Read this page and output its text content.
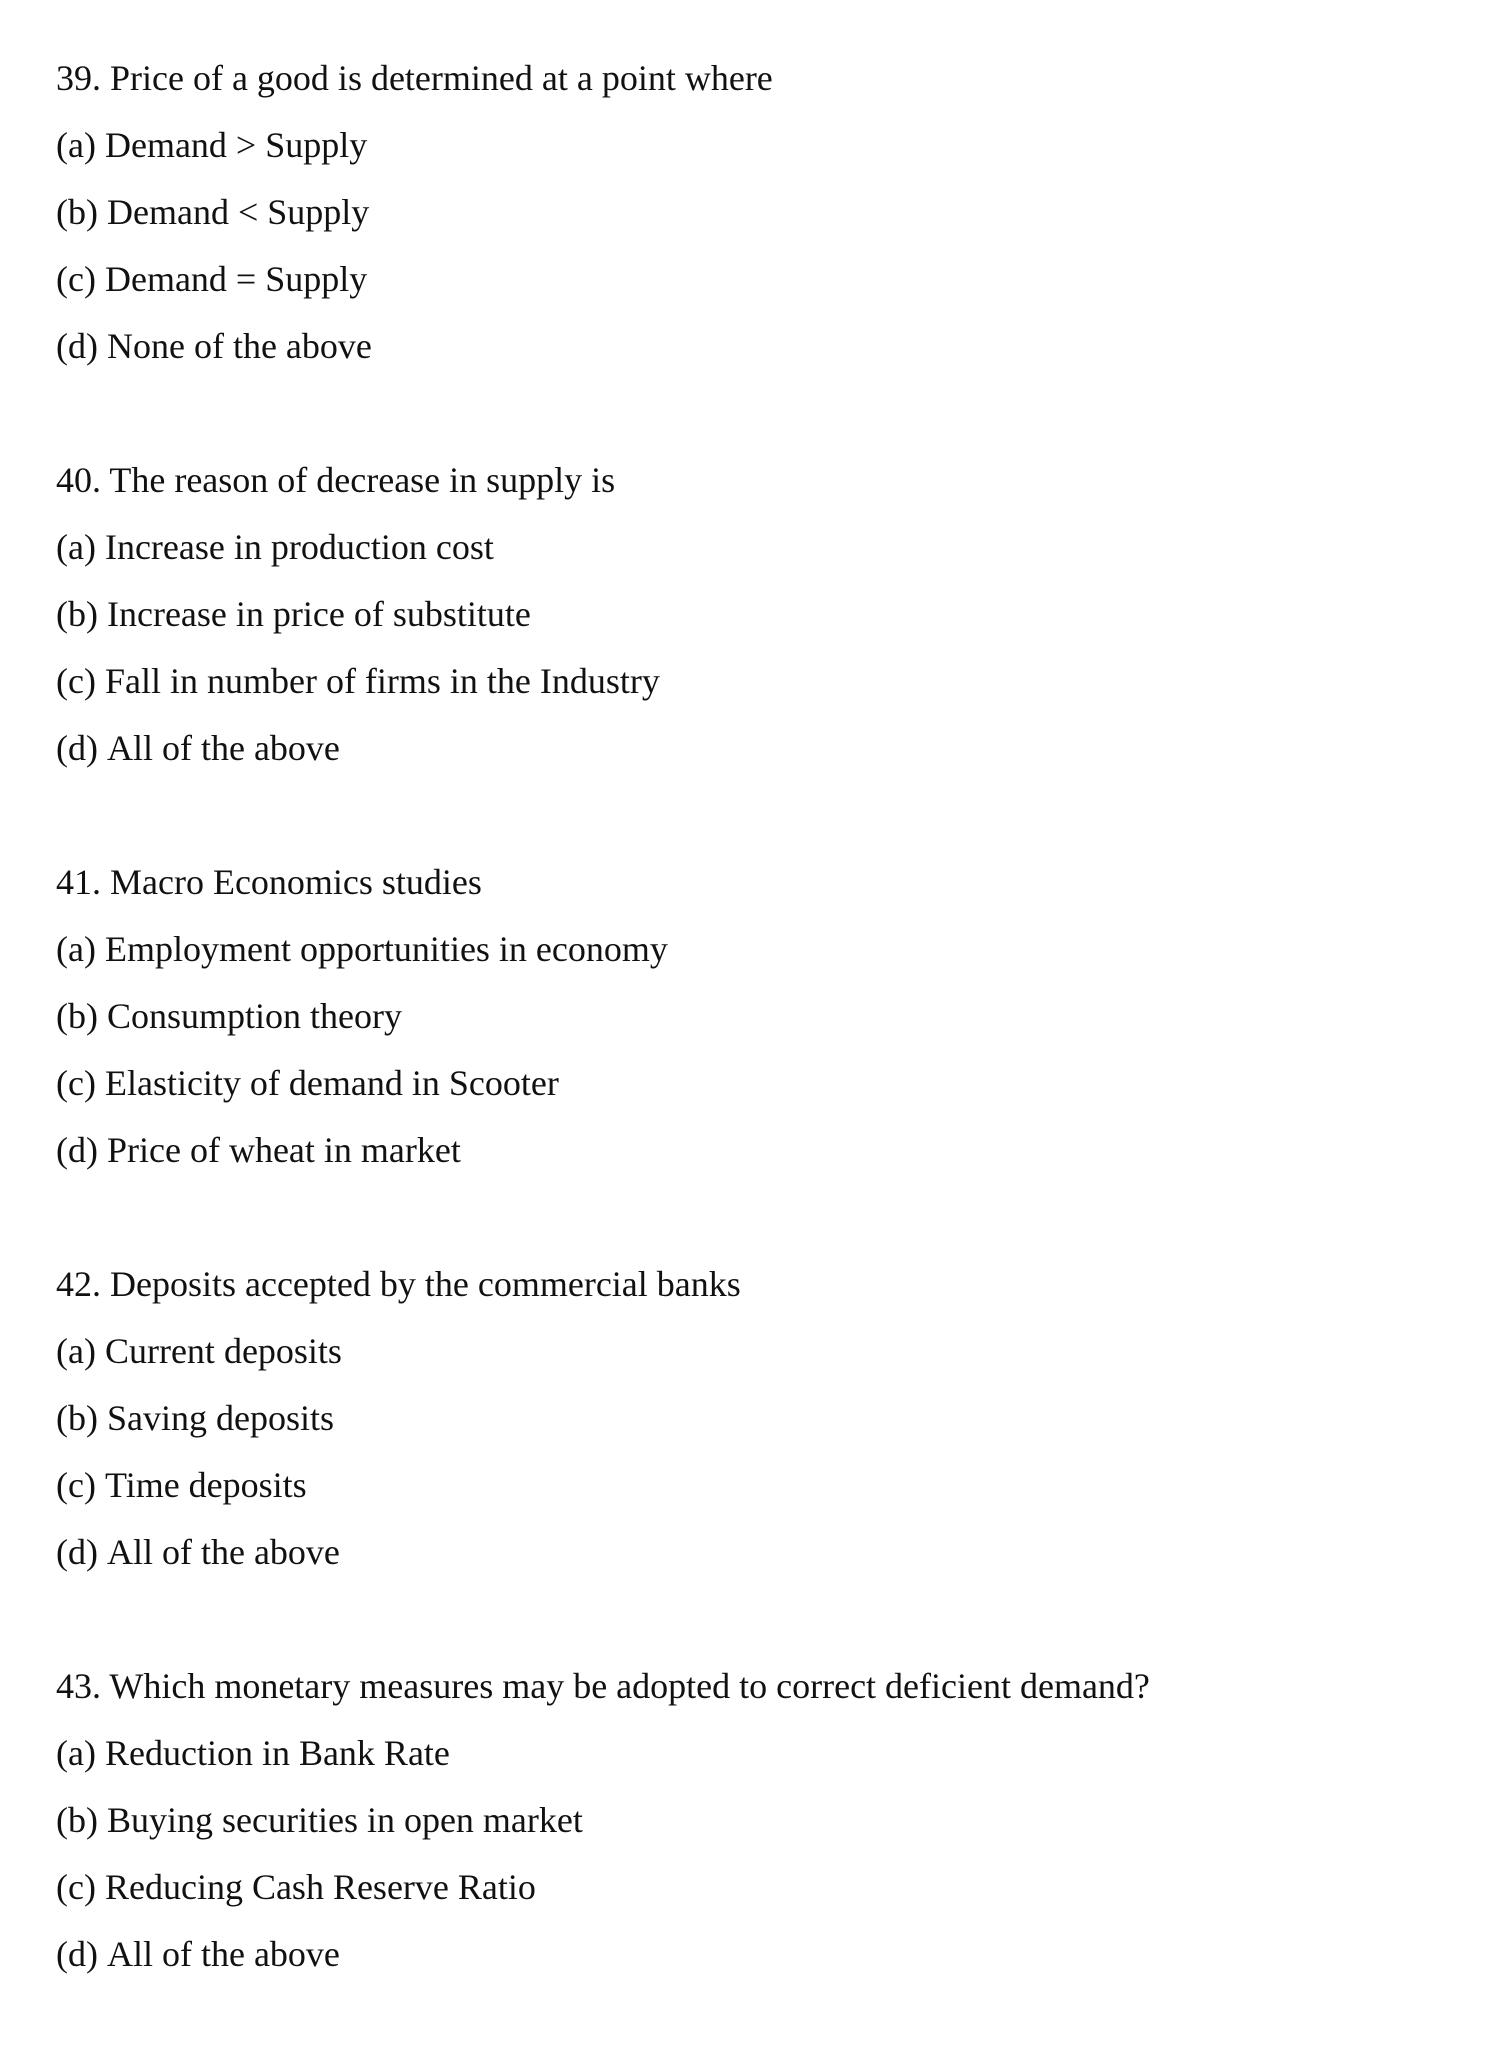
39. Price of a good is determined at a point where
(a) Demand > Supply
(b) Demand < Supply
(c) Demand = Supply
(d) None of the above
40. The reason of decrease in supply is
(a) Increase in production cost
(b) Increase in price of substitute
(c) Fall in number of firms in the Industry
(d) All of the above
41. Macro Economics studies
(a) Employment opportunities in economy
(b) Consumption theory
(c) Elasticity of demand in Scooter
(d) Price of wheat in market
42. Deposits accepted by the commercial banks
(a) Current deposits
(b) Saving deposits
(c) Time deposits
(d) All of the above
43. Which monetary measures may be adopted to correct deficient demand?
(a) Reduction in Bank Rate
(b) Buying securities in open market
(c) Reducing Cash Reserve Ratio
(d) All of the above
